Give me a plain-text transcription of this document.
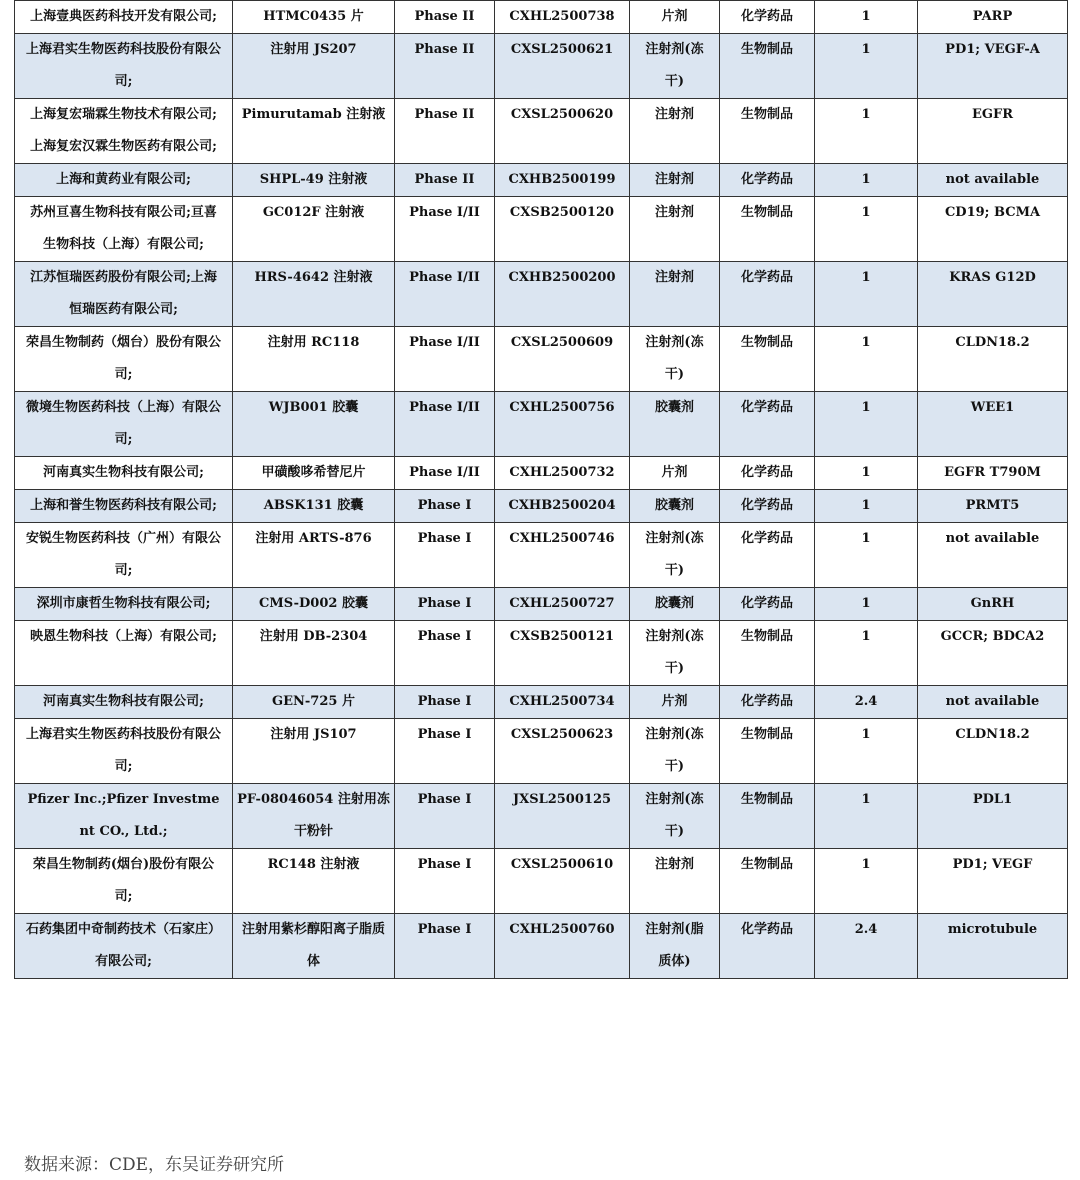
上海壹典医药科技开发有限公司;	HTMC0435 片	Phase II	CXHL2500738	片剂	化学药品	1	PARP
上海君实生物医药科技股份有限公司;	注射用 JS207	Phase II	CXSL2500621	注射剂(冻干)	生物制品	1	PD1; VEGF-A
上海复宏瑞霖生物技术有限公司;上海复宏汉霖生物医药有限公司;	Pimurutamab 注射液	Phase II	CXSL2500620	注射剂	生物制品	1	EGFR
上海和黄药业有限公司;	SHPL-49 注射液	Phase II	CXHB2500199	注射剂	化学药品	1	not available
苏州亘喜生物科技有限公司;亘喜生物科技（上海）有限公司;	GC012F 注射液	Phase I/II	CXSB2500120	注射剂	生物制品	1	CD19; BCMA
江苏恒瑞医药股份有限公司;上海恒瑞医药有限公司;	HRS-4642 注射液	Phase I/II	CXHB2500200	注射剂	化学药品	1	KRAS G12D
荣昌生物制药（烟台）股份有限公司;	注射用 RC118	Phase I/II	CXSL2500609	注射剂(冻干)	生物制品	1	CLDN18.2
微境生物医药科技（上海）有限公司;	WJB001 胶囊	Phase I/II	CXHL2500756	胶囊剂	化学药品	1	WEE1
河南真实生物科技有限公司;	甲磺酸哆希替尼片	Phase I/II	CXHL2500732	片剂	化学药品	1	EGFR T790M
上海和誉生物医药科技有限公司;	ABSK131 胶囊	Phase I	CXHB2500204	胶囊剂	化学药品	1	PRMT5
安锐生物医药科技（广州）有限公司;	注射用 ARTS-876	Phase I	CXHL2500746	注射剂(冻干)	化学药品	1	not available
深圳市康哲生物科技有限公司;	CMS-D002 胶囊	Phase I	CXHL2500727	胶囊剂	化学药品	1	GnRH
映恩生物科技（上海）有限公司;	注射用 DB-2304	Phase I	CXSB2500121	注射剂(冻干)	生物制品	1	GCCR; BDCA2
河南真实生物科技有限公司;	GEN-725 片	Phase I	CXHL2500734	片剂	化学药品	2.4	not available
上海君实生物医药科技股份有限公司;	注射用 JS107	Phase I	CXSL2500623	注射剂(冻干)	生物制品	1	CLDN18.2
Pfizer Inc.;Pfizer Investment CO., Ltd.;	PF-08046054 注射用冻干粉针	Phase I	JXSL2500125	注射剂(冻干)	生物制品	1	PDL1
荣昌生物制药(烟台)股份有限公司;	RC148 注射液	Phase I	CXSL2500610	注射剂	生物制品	1	PD1; VEGF
石药集团中奇制药技术（石家庄）有限公司;	注射用紫杉醇阳离子脂质体	Phase I	CXHL2500760	注射剂(脂质体)	化学药品	2.4	microtubule
数据来源：CDE，东吴证券研究所
